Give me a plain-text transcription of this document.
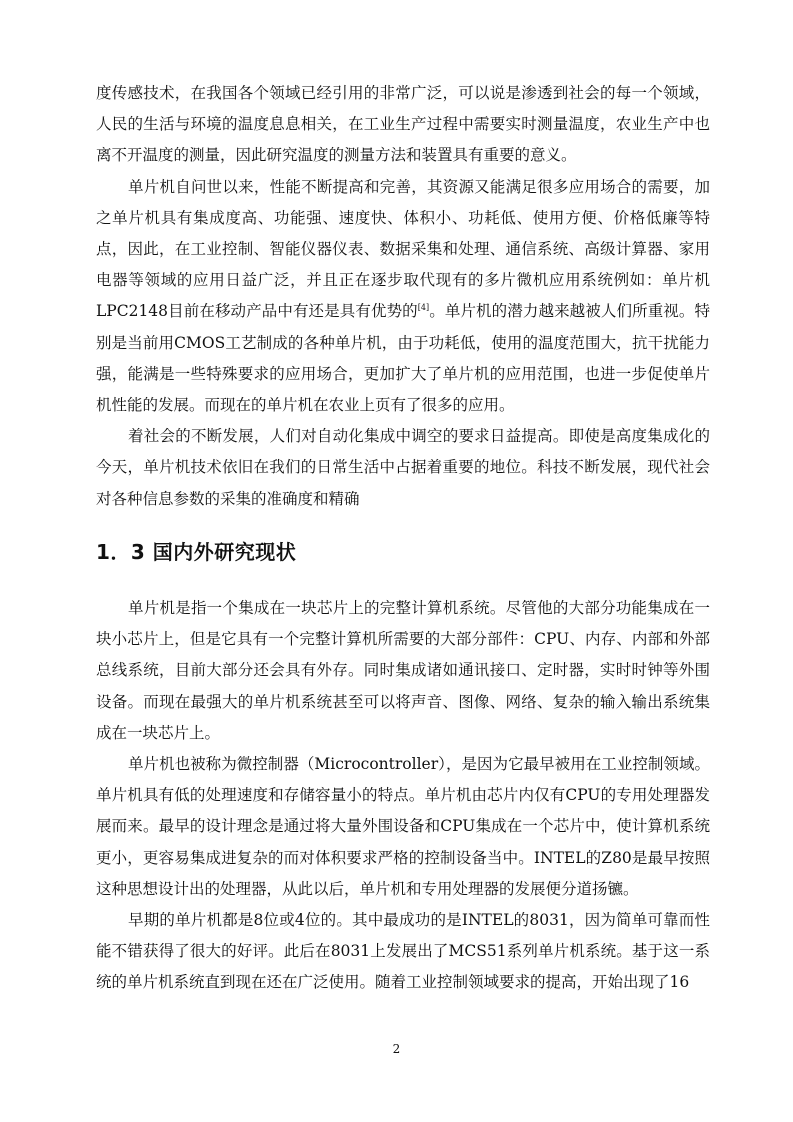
度传感技术，在我国各个领域已经引用的非常广泛，可以说是渗透到社会的每一个领域，人民的生活与环境的温度息息相关，在工业生产过程中需要实时测量温度，农业生产中也离不开温度的测量，因此研究温度的测量方法和装置具有重要的意义。

单片机自问世以来，性能不断提高和完善，其资源又能满足很多应用场合的需要，加之单片机具有集成度高、功能强、速度快、体积小、功耗低、使用方便、价格低廉等特点，因此，在工业控制、智能仪器仪表、数据采集和处理、通信系统、高级计算器、家用电器等领域的应用日益广泛，并且正在逐步取代现有的多片微机应用系统例如：单片机LPC2148目前在移动产品中有还是具有优势的[4]。单片机的潜力越来越被人们所重视。特别是当前用CMOS工艺制成的各种单片机，由于功耗低，使用的温度范围大，抗干扰能力强，能满是一些特殊要求的应用场合，更加扩大了单片机的应用范围，也进一步促使单片机性能的发展。而现在的单片机在农业上页有了很多的应用。

着社会的不断发展，人们对自动化集成中调空的要求日益提高。即使是高度集成化的今天，单片机技术依旧在我们的日常生活中占据着重要的地位。科技不断发展，现代社会对各种信息参数的采集的准确度和精确

1．3 国内外研究现状

单片机是指一个集成在一块芯片上的完整计算机系统。尽管他的大部分功能集成在一块小芯片上，但是它具有一个完整计算机所需要的大部分部件：CPU、内存、内部和外部总线系统，目前大部分还会具有外存。同时集成诸如通讯接口、定时器，实时时钟等外围设备。而现在最强大的单片机系统甚至可以将声音、图像、网络、复杂的输入输出系统集成在一块芯片上。

单片机也被称为微控制器（Microcontroller），是因为它最早被用在工业控制领域。单片机具有低的处理速度和存储容量小的特点。单片机由芯片内仅有CPU的专用处理器发展而来。最早的设计理念是通过将大量外围设备和CPU集成在一个芯片中，使计算机系统更小，更容易集成进复杂的而对体积要求严格的控制设备当中。INTEL的Z80是最早按照这种思想设计出的处理器，从此以后，单片机和专用处理器的发展便分道扬镳。

早期的单片机都是8位或4位的。其中最成功的是INTEL的8031，因为简单可靠而性能不错获得了很大的好评。此后在8031上发展出了MCS51系列单片机系统。基于这一系统的单片机系统直到现在还在广泛使用。随着工业控制领域要求的提高，开始出现了16

2
